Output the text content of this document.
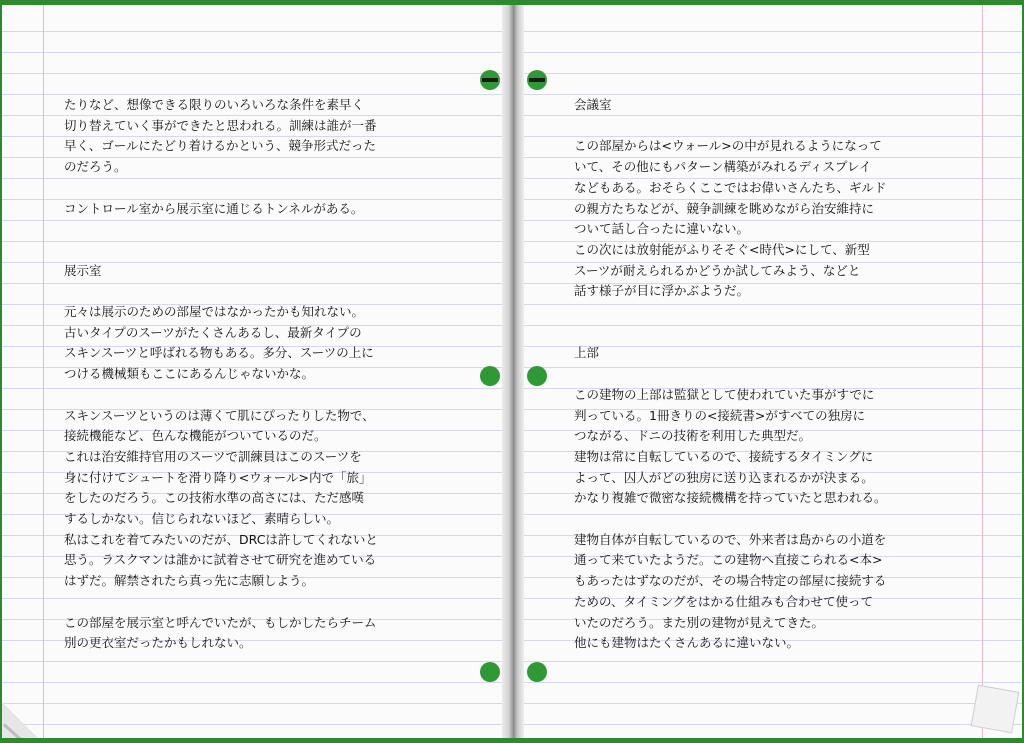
たりなど、想像できる限りのいろいろな条件を素早く
切り替えていく事ができたと思われる。訓練は誰が一番
早く、ゴールにたどり着けるかという、競争形式だった
のだろう。

コントロール室から展示室に通じるトンネルがある。

展示室

元々は展示のための部屋ではなかったかも知れない。
古いタイプのスーツがたくさんあるし、最新タイプの
スキンスーツと呼ばれる物もある。多分、スーツの上に
つける機械類もここにあるんじゃないかな。

スキンスーツというのは薄くて肌にぴったりした物で、
接続機能など、色んな機能がついているのだ。
これは治安維持官用のスーツで訓練員はこのスーツを
身に付けてシュートを滑り降り<ウォール>内で「旅」
をしたのだろう。この技術水準の高さには、ただ感嘆
するしかない。信じられないほど、素晴らしい。
私はこれを着てみたいのだが、DRCは許してくれないと
思う。ラスクマンは誰かに試着させて研究を進めている
はずだ。解禁されたら真っ先に志願しよう。

この部屋を展示室と呼んでいたが、もしかしたらチーム
別の更衣室だったかもしれない。
会議室

この部屋からは<ウォール>の中が見れるようになって
いて、その他にもパターン構築がみれるディスプレイ
などもある。おそらくここではお偉いさんたち、ギルド
の親方たちなどが、競争訓練を眺めながら治安維持に
ついて話し合ったに違いない。
この次には放射能がふりそそぐ<時代>にして、新型
スーツが耐えられるかどうか試してみよう、などと
話す様子が目に浮かぶようだ。

上部

この建物の上部は監獄として使われていた事がすでに
判っている。1冊きりの<接続書>がすべての独房に
つながる、ドニの技術を利用した典型だ。
建物は常に自転しているので、接続するタイミングに
よって、囚人がどの独房に送り込まれるかが決まる。
かなり複雑で微密な接続機構を持っていたと思われる。

建物自体が自転しているので、外来者は島からの小道を
通って来ていたようだ。この建物へ直接こられる<本>
もあったはずなのだが、その場合特定の部屋に接続する
ための、タイミングをはかる仕組みも合わせて使って
いたのだろう。また別の建物が見えてきた。
他にも建物はたくさんあるに違いない。
